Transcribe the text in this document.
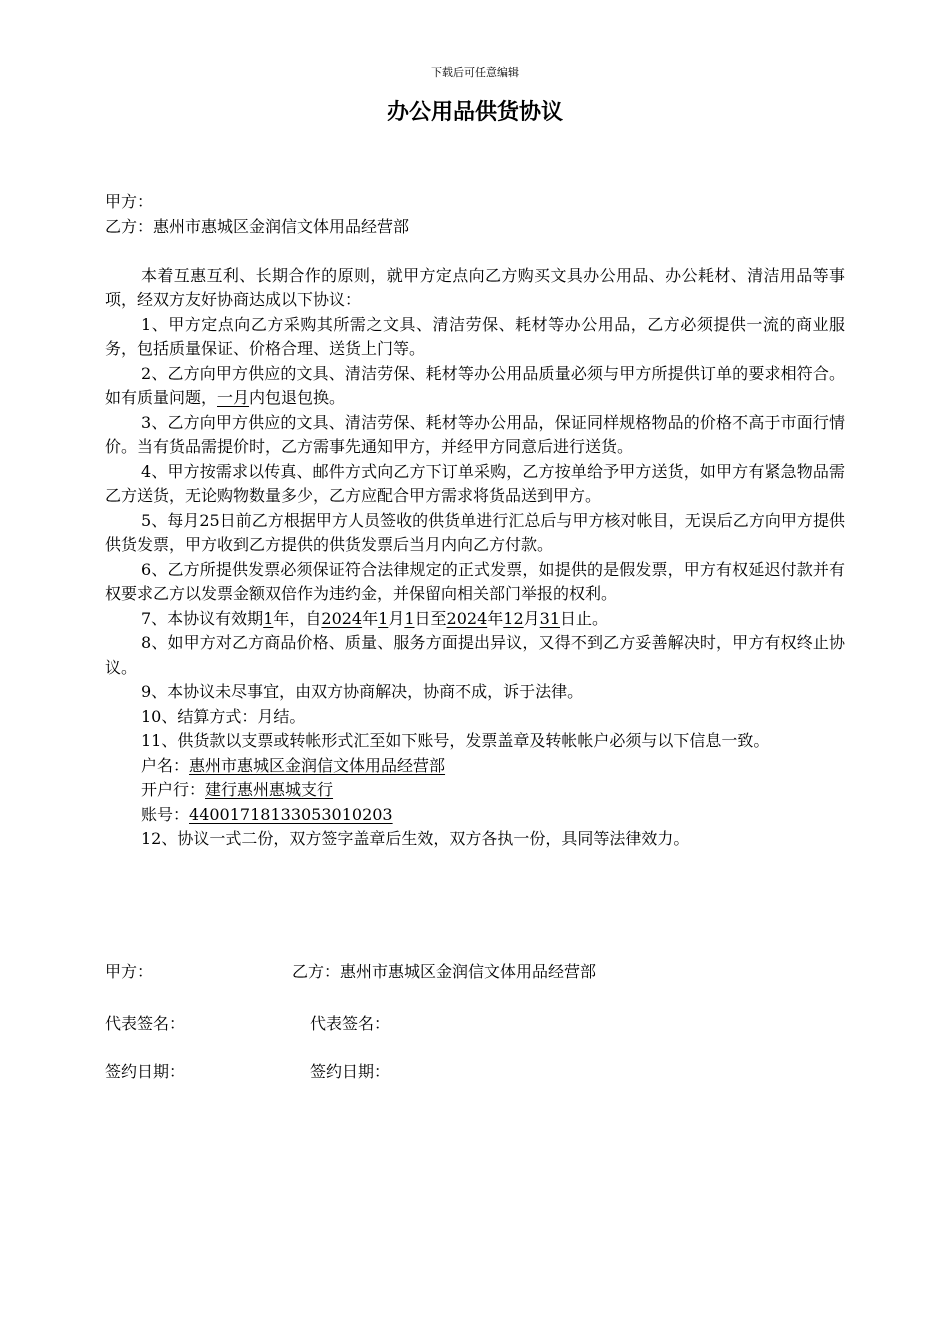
下载后可任意编辑
办公用品供货协议
甲方：
乙方：惠州市惠城区金润信文体用品经营部
本着互惠互利、长期合作的原则，就甲方定点向乙方购买文具办公用品、办公耗材、清洁用品等事项，经双方友好协商达成以下协议：
1、甲方定点向乙方采购其所需之文具、清洁劳保、耗材等办公用品，乙方必须提供一流的商业服务，包括质量保证、价格合理、送货上门等。
2、乙方向甲方供应的文具、清洁劳保、耗材等办公用品质量必须与甲方所提供订单的要求相符合。如有质量问题，一月内包退包换。
3、乙方向甲方供应的文具、清洁劳保、耗材等办公用品，保证同样规格物品的价格不高于市面行情价。当有货品需提价时，乙方需事先通知甲方，并经甲方同意后进行送货。
4、甲方按需求以传真、邮件方式向乙方下订单采购，乙方按单给予甲方送货，如甲方有紧急物品需乙方送货，无论购物数量多少，乙方应配合甲方需求将货品送到甲方。
5、每月25日前乙方根据甲方人员签收的供货单进行汇总后与甲方核对帐目，无误后乙方向甲方提供供货发票，甲方收到乙方提供的供货发票后当月内向乙方付款。
6、乙方所提供发票必须保证符合法律规定的正式发票，如提供的是假发票，甲方有权延迟付款并有权要求乙方以发票金额双倍作为违约金，并保留向相关部门举报的权利。
7、本协议有效期1年，自2024年1月1日至2024年12月31日止。
8、如甲方对乙方商品价格、质量、服务方面提出异议，又得不到乙方妥善解决时，甲方有权终止协议。
9、本协议未尽事宜，由双方协商解决，协商不成，诉于法律。
10、结算方式：月结。
11、供货款以支票或转帐形式汇至如下账号，发票盖章及转帐帐户必须与以下信息一致。
户名：惠州市惠城区金润信文体用品经营部
开户行：建行惠州惠城支行
账号：44001718133053010203
12、协议一式二份，双方签字盖章后生效，双方各执一份，具同等法律效力。
甲方：	乙方：惠州市惠城区金润信文体用品经营部
代表签名：	代表签名：
签约日期：	签约日期：
